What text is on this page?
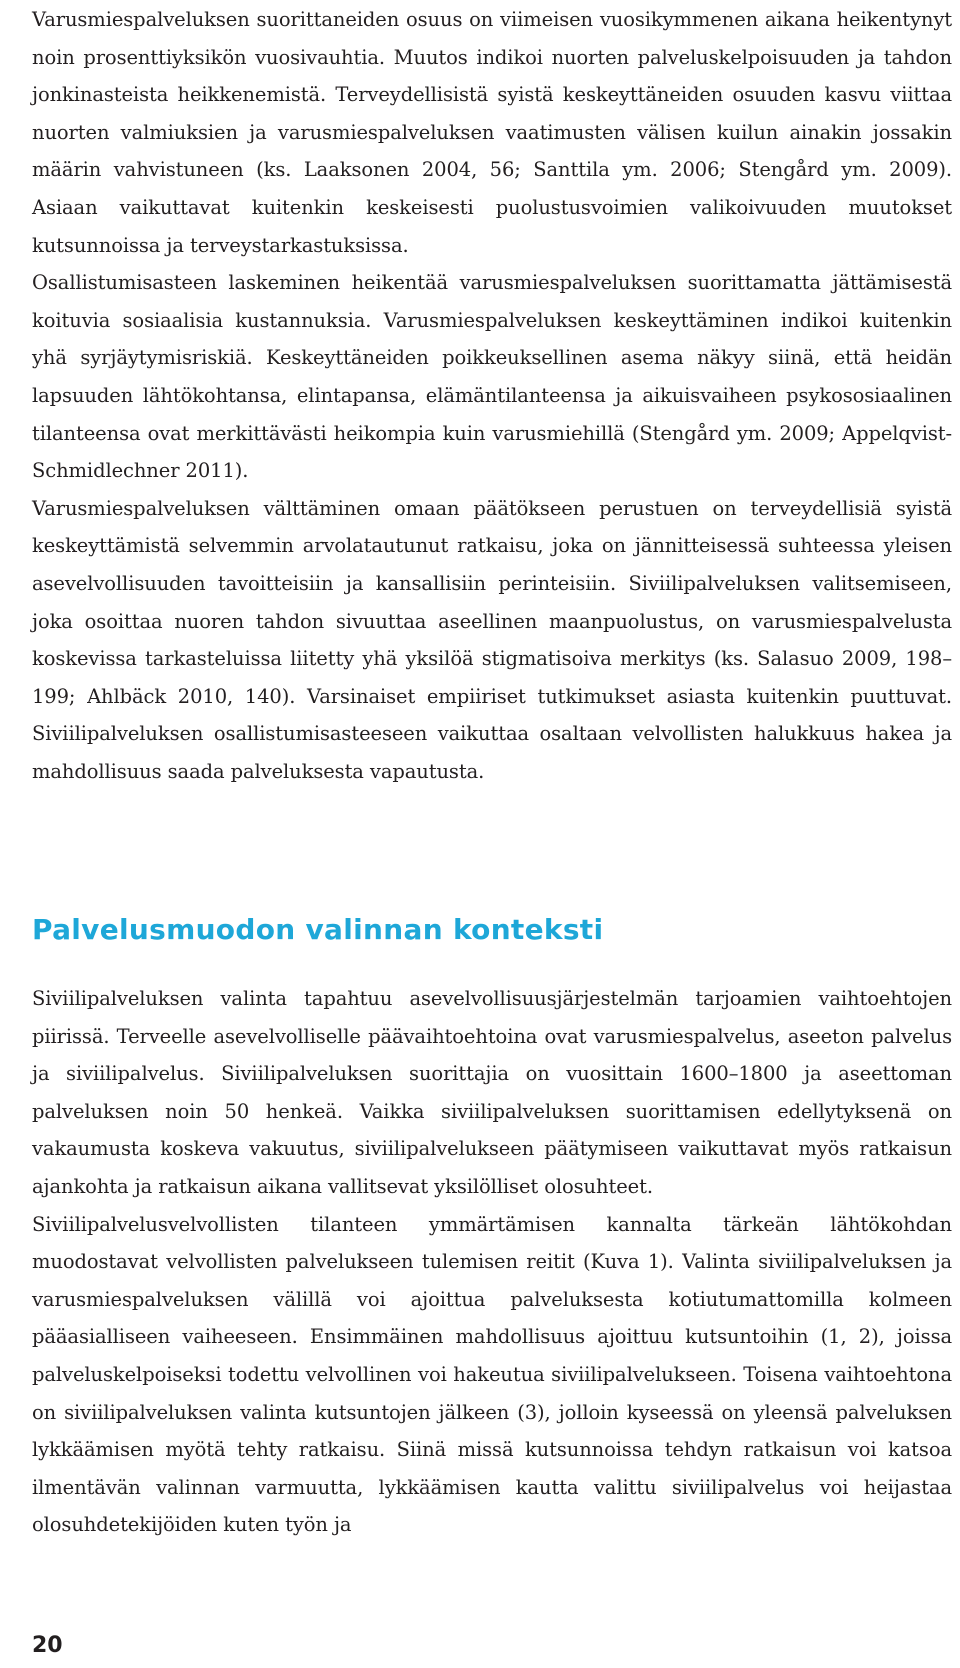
Varusmiespalveluksen suorittaneiden osuus on viimeisen vuosikymmenen aikana heikentynyt noin prosenttiyksikön vuosivauhtia. Muutos indikoi nuorten palveluskelpoisuuden ja tahdon jonkinasteista heikkenemistä. Terveydellisistä syistä keskeyttäneiden osuuden kasvu viittaa nuorten valmiuksien ja varusmiespalveluksen vaatimusten välisen kuilun ainakin jossakin määrin vahvistuneen (ks. Laaksonen 2004, 56; Santtila ym. 2006; Stengård ym. 2009). Asiaan vaikuttavat kuitenkin keskeisesti puolustusvoimien valikoivuuden muutokset kutsunnoissa ja terveystarkastuksissa.

Osallistumisasteen laskeminen heikentää varusmiespalveluksen suorittamatta jättämisestä koituvia sosiaalisia kustannuksia. Varusmiespalveluksen keskeyttäminen indikoi kuitenkin yhä syrjäytymisriskiä. Keskeyttäneiden poikkeuksellinen asema näkyy siinä, että heidän lapsuuden lähtökohtansa, elintapansa, elämäntilanteensa ja aikuisvaiheen psykososiaalinen tilanteensa ovat merkittävästi heikompia kuin varusmiehillä (Stengård ym. 2009; Appelqvist-Schmidlechner 2011).

Varusmiespalveluksen välttäminen omaan päätökseen perustuen on terveydellisiä syistä keskeyttämistä selvemmin arvolatautunut ratkaisu, joka on jännitteisessä suhteessa yleisen asevelvollisuuden tavoitteisiin ja kansallisiin perinteisiin. Siviilipalveluksen valitsemiseen, joka osoittaa nuoren tahdon sivuuttaa aseellinen maanpuolustus, on varusmiespalvelusta koskevissa tarkasteluissa liitetty yhä yksilöä stigmatisoiva merkitys (ks. Salasuo 2009, 198–199; Ahlbäck 2010, 140). Varsinaiset empiiriset tutkimukset asiasta kuitenkin puuttuvat. Siviilipalveluksen osallistumisasteeseen vaikuttaa osaltaan velvollisten halukkuus hakea ja mahdollisuus saada palveluksesta vapautusta.

Palvelusmuodon valinnan konteksti

Siviilipalveluksen valinta tapahtuu asevelvollisuusjärjestelmän tarjoamien vaihtoehtojen piirissä. Terveelle asevelvolliselle päävaihtoehtoina ovat varusmiespalvelus, aseeton palvelus ja siviilipalvelus. Siviilipalveluksen suorittajia on vuosittain 1600–1800 ja aseettoman palveluksen noin 50 henkeä. Vaikka siviilipalveluksen suorittamisen edellytyksenä on vakaumusta koskeva vakuutus, siviilipalvelukseen päätymiseen vaikuttavat myös ratkaisun ajankohta ja ratkaisun aikana vallitsevat yksilölliset olosuhteet.

Siviilipalvelusvelvollisten tilanteen ymmärtämisen kannalta tärkeän lähtökohdan muodostavat velvollisten palvelukseen tulemisen reitit (Kuva 1). Valinta siviilipalveluksen ja varusmiespalveluksen välillä voi ajoittua palveluksesta kotiutumattomilla kolmeen pääasialliseen vaiheeseen. Ensimmäinen mahdollisuus ajoittuu kutsuntoihin (1, 2), joissa palveluskelpoiseksi todettu velvollinen voi hakeutua siviilipalvelukseen. Toisena vaihtoehtona on siviilipalveluksen valinta kutsuntojen jälkeen (3), jolloin kyseessä on yleensä palveluksen lykkäämisen myötä tehty ratkaisu. Siinä missä kutsunnoissa tehdyn ratkaisun voi katsoa ilmentävän valinnan varmuutta, lykkäämisen kautta valittu siviilipalvelus voi heijastaa olosuhdetekijöiden kuten työn ja

20
